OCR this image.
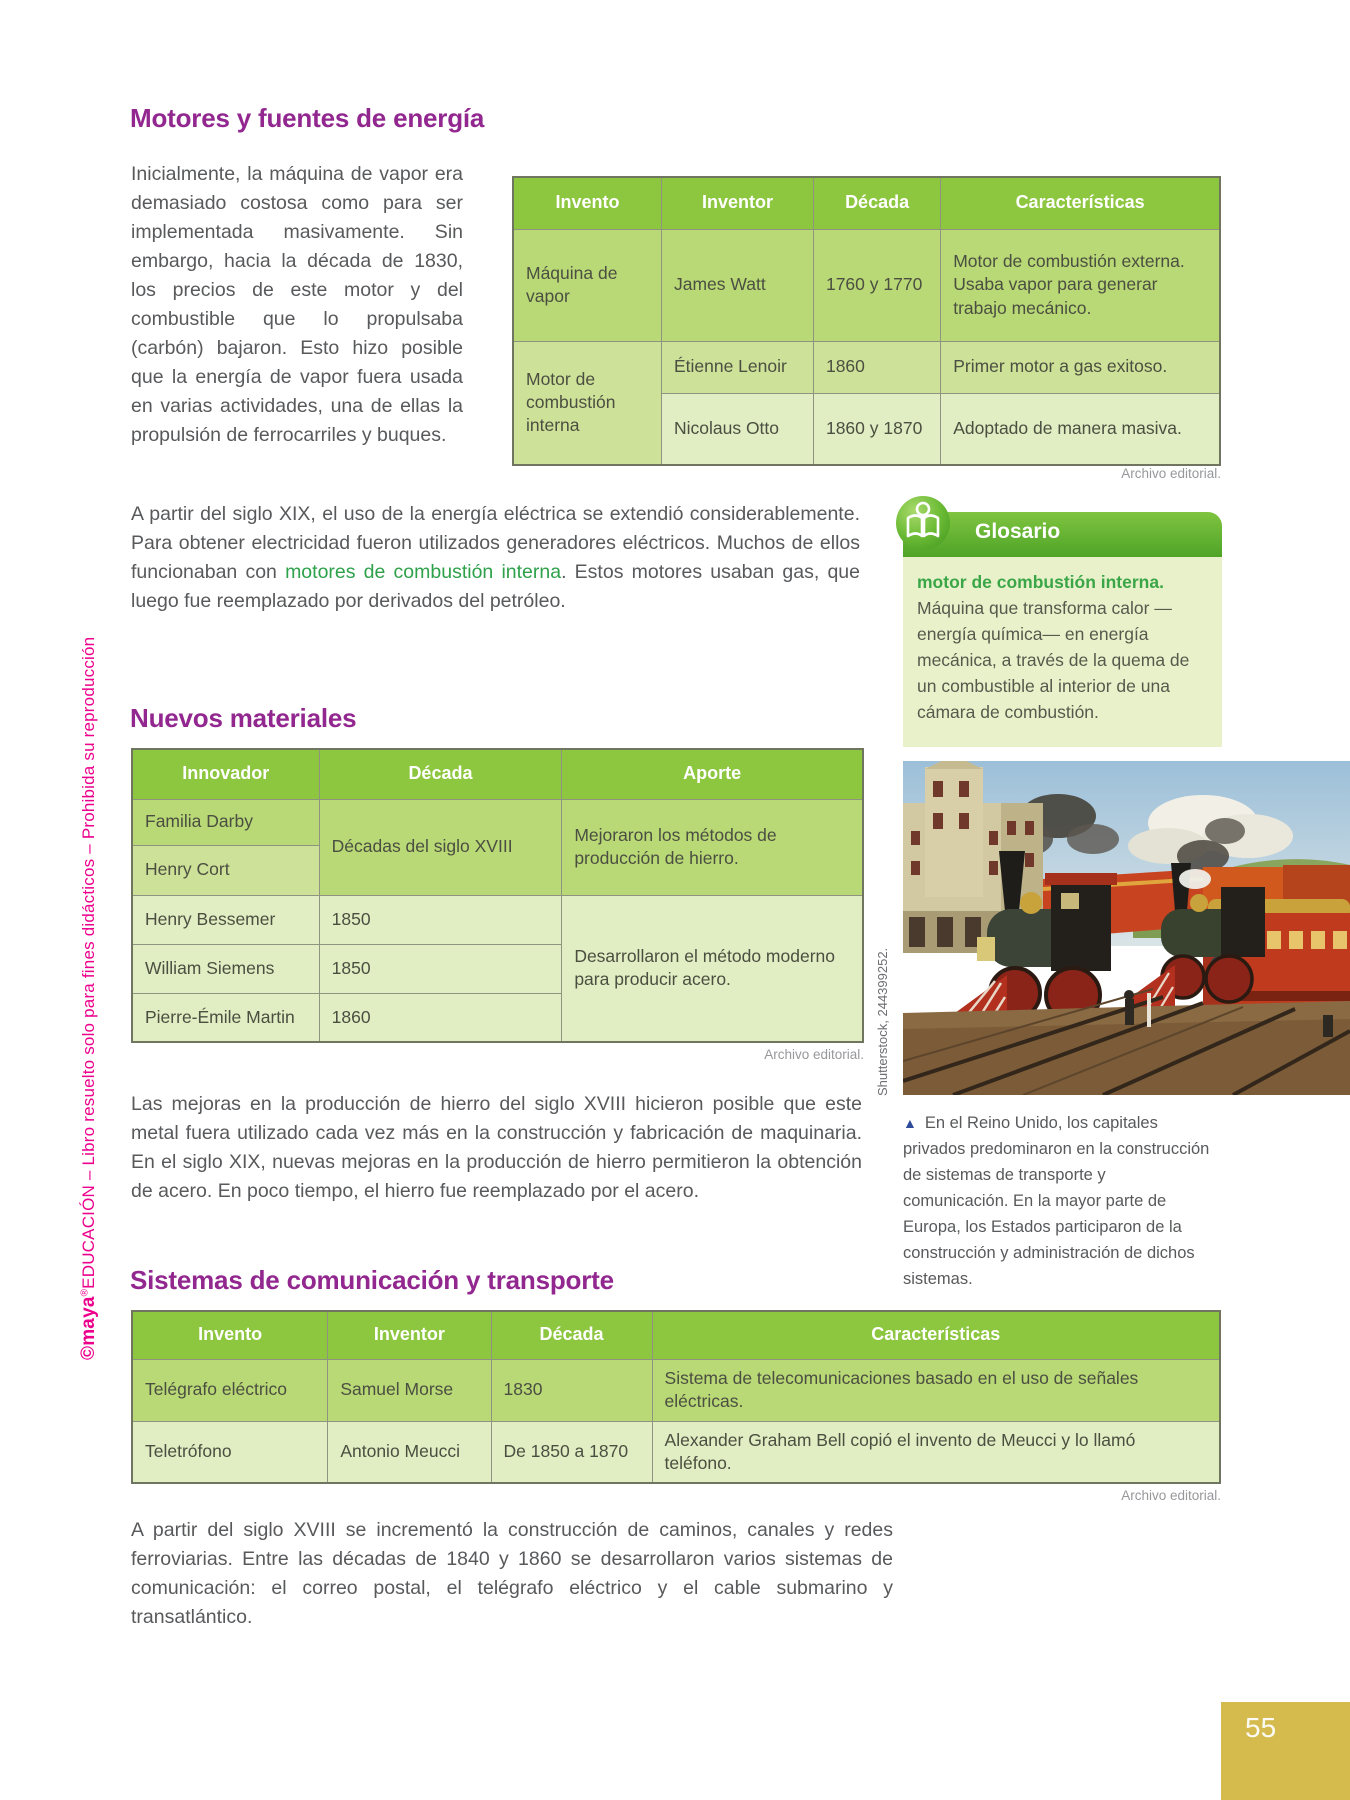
©maya®EDUCACIÓN – Libro resuelto solo para fines didácticos – Prohibida su reproducción
Motores y fuentes de energía
Inicialmente, la máquina de vapor era demasiado costosa como para ser implementada masivamente. Sin embargo, hacia la década de 1830, los precios de este motor y del combustible que lo propulsaba (carbón) bajaron. Esto hizo posible que la energía de vapor fuera usada en varias actividades, una de ellas la propulsión de ferrocarriles y buques.
Invento	Inventor	Década	Características
Máquina de vapor	James Watt	1760 y 1770	Motor de combustión externa. Usaba vapor para generar trabajo mecánico.
Motor de combustión interna	Étienne Lenoir	1860	Primer motor a gas exitoso.
	Nicolaus Otto	1860 y 1870	Adoptado de manera masiva.
Archivo editorial.
A partir del siglo XIX, el uso de la energía eléctrica se extendió considerablemente. Para obtener electricidad fueron utilizados generadores eléctricos. Muchos de ellos funcionaban con motores de combustión interna. Estos motores usaban gas, que luego fue reemplazado por derivados del petróleo.
Glosario
motor de combustión interna. Máquina que transforma calor —energía química— en energía mecánica, a través de la quema de un combustible al interior de una cámara de combustión.
Nuevos materiales
Innovador	Década	Aporte
Familia Darby	Décadas del siglo XVIII	Mejoraron los métodos de producción de hierro.
Henry Cort		
Henry Bessemer	1850	Desarrollaron el método moderno para producir acero.
William Siemens	1850	
Pierre-Émile Martin	1860	
Archivo editorial. Shutterstock, 244399252.
▲ En el Reino Unido, los capitales privados predominaron en la construcción de sistemas de transporte y comunicación. En la mayor parte de Europa, los Estados participaron de la construcción y administración de dichos sistemas.
Las mejoras en la producción de hierro del siglo XVIII hicieron posible que este metal fuera utilizado cada vez más en la construcción y fabricación de maquinaria. En el siglo XIX, nuevas mejoras en la producción de hierro permitieron la obtención de acero. En poco tiempo, el hierro fue reemplazado por el acero.
Sistemas de comunicación y transporte
Invento	Inventor	Década	Características
Telégrafo eléctrico	Samuel Morse	1830	Sistema de telecomunicaciones basado en el uso de señales eléctricas.
Teletrófono	Antonio Meucci	De 1850 a 1870	Alexander Graham Bell copió el invento de Meucci y lo llamó teléfono.
Archivo editorial.
A partir del siglo XVIII se incrementó la construcción de caminos, canales y redes ferroviarias. Entre las décadas de 1840 y 1860 se desarrollaron varios sistemas de comunicación: el correo postal, el telégrafo eléctrico y el cable submarino y transatlántico.
55
